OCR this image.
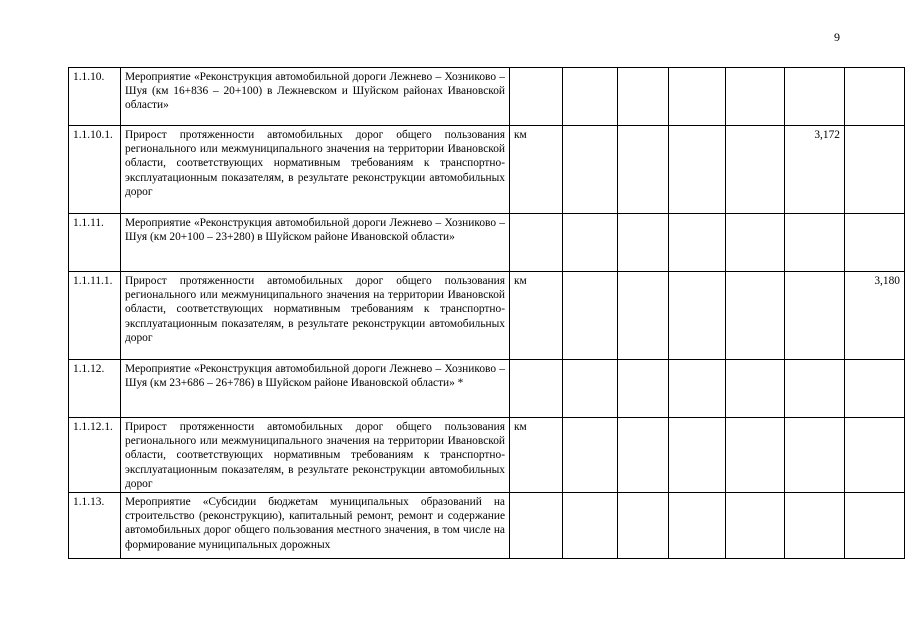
9
1.1.10.	Мероприятие «Реконструкция автомобильной дороги Лежнево – Хозниково – Шуя (км 16+836 – 20+100) в Лежневском и Шуйском районах Ивановской области»							
1.1.10.1.	Прирост протяженности автомобильных дорог общего пользования регионального или межмуниципального значения на территории Ивановской области, соответствующих нормативным требованиям к транспортно-эксплуатационным показателям, в результате реконструкции автомобильных дорог	км					3,172	
1.1.11.	Мероприятие «Реконструкция автомобильной дороги Лежнево – Хозниково – Шуя (км 20+100 – 23+280) в Шуйском районе Ивановской области»							
1.1.11.1.	Прирост протяженности автомобильных дорог общего пользования регионального или межмуниципального значения на территории Ивановской области, соответствующих нормативным требованиям к транспортно-эксплуатационным показателям, в результате реконструкции автомобильных дорог	км						3,180
1.1.12.	Мероприятие «Реконструкция автомобильной дороги Лежнево – Хозниково – Шуя (км 23+686 – 26+786) в Шуйском районе Ивановской области» *							
1.1.12.1.	Прирост протяженности автомобильных дорог общего пользования регионального или межмуниципального значения на территории Ивановской области, соответствующих нормативным требованиям к транспортно-эксплуатационным показателям, в результате реконструкции автомобильных дорог	км						
1.1.13.	Мероприятие «Субсидии бюджетам муниципальных образований на строительство (реконструкцию), капитальный ремонт, ремонт и содержание автомобильных дорог общего пользования местного значения, в том числе на формирование муниципальных дорожных							
